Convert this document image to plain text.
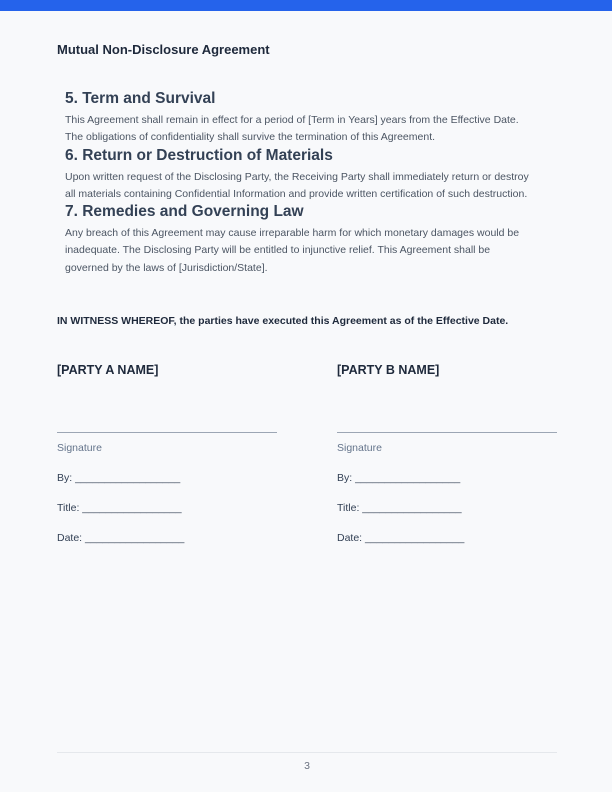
Mutual Non-Disclosure Agreement
5. Term and Survival

This Agreement shall remain in effect for a period of [Term in Years] years from the Effective Date. The obligations of confidentiality shall survive the termination of this Agreement.

6. Return or Destruction of Materials

Upon written request of the Disclosing Party, the Receiving Party shall immediately return or destroy all materials containing Confidential Information and provide written certification of such destruction.

7. Remedies and Governing Law

Any breach of this Agreement may cause irreparable harm for which monetary damages would be inadequate. The Disclosing Party will be entitled to injunctive relief. This Agreement shall be governed by the laws of [Jurisdiction/State].

IN WITNESS WHEREOF, the parties have executed this Agreement as of the Effective Date.

[PARTY A NAME]
Signature
By: __________________
Title: _________________
Date: _________________
[PARTY B NAME]
Signature
By: __________________
Title: _________________
Date: _________________
3
